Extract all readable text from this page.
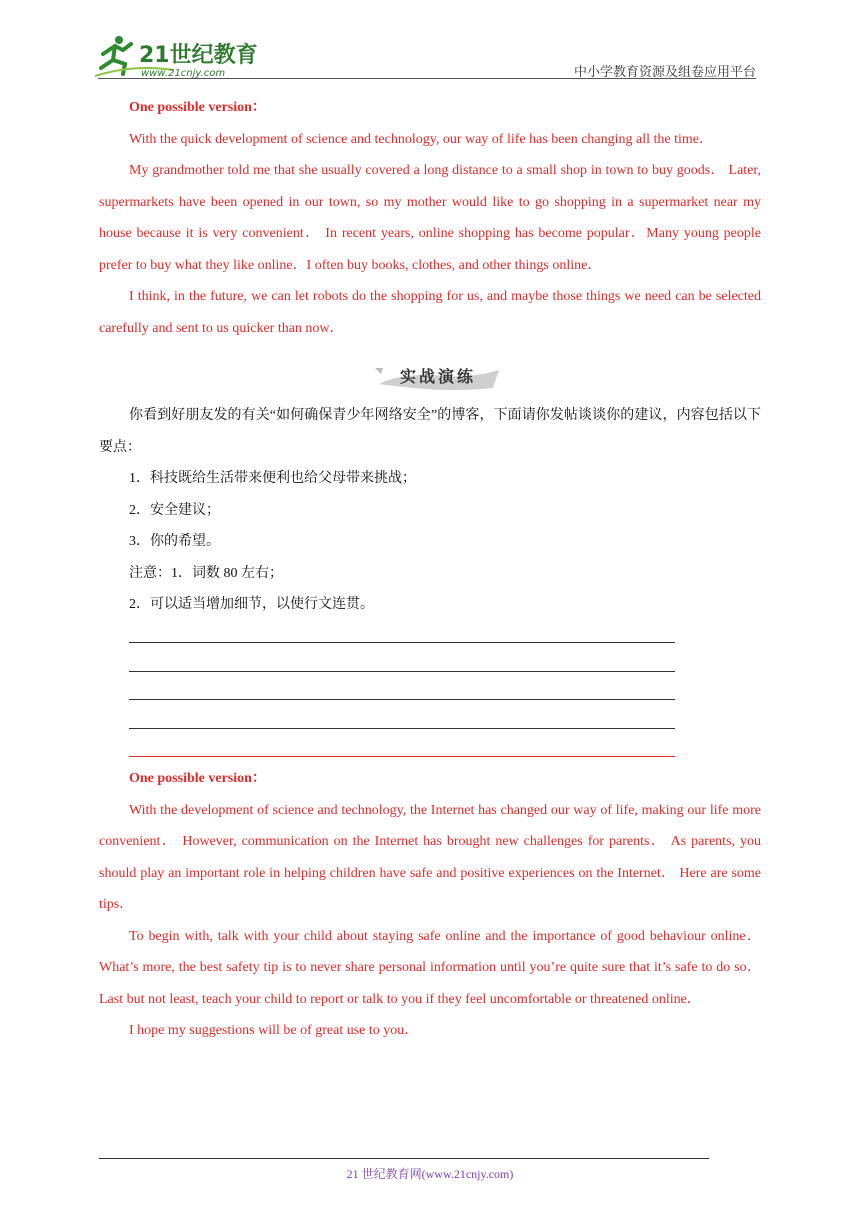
21世纪教育
www.21cnjy.com	中小学教育资源及组卷应用平台

One possible version：

With the quick development of science and technology, our way of life has been changing all the time．

My grandmother told me that she usually covered a long distance to a small shop in town to buy goods． Later, supermarkets have been opened in our town, so my mother would like to go shopping in a supermarket near my house because it is very convenient． In recent years, online shopping has become popular．Many young people prefer to buy what they like online．I often buy books, clothes, and other things online．

I think, in the future, we can let robots do the shopping for us, and maybe those things we need can be selected carefully and sent to us quicker than now．

实战演练

你看到好朋友发的有关“如何确保青少年网络安全”的博客，下面请你发帖谈谈你的建议，内容包括以下要点：

1．科技既给生活带来便利也给父母带来挑战；

2．安全建议；

3．你的希望。

注意：1．词数 80 左右；

2．可以适当增加细节，以使行文连贯。

One possible version：

With the development of science and technology, the Internet has changed our way of life, making our life more convenient． However, communication on the Internet has brought new challenges for parents． As parents, you should play an important role in helping children have safe and positive experiences on the Internet． Here are some tips．

To begin with, talk with your child about staying safe online and the importance of good behaviour online．What’s more, the best safety tip is to never share personal information until you’re quite sure that it’s safe to do so． Last but not least, teach your child to report or talk to you if they feel uncomfortable or threatened online．

I hope my suggestions will be of great use to you．

21 世纪教育网(www.21cnjy.com)
